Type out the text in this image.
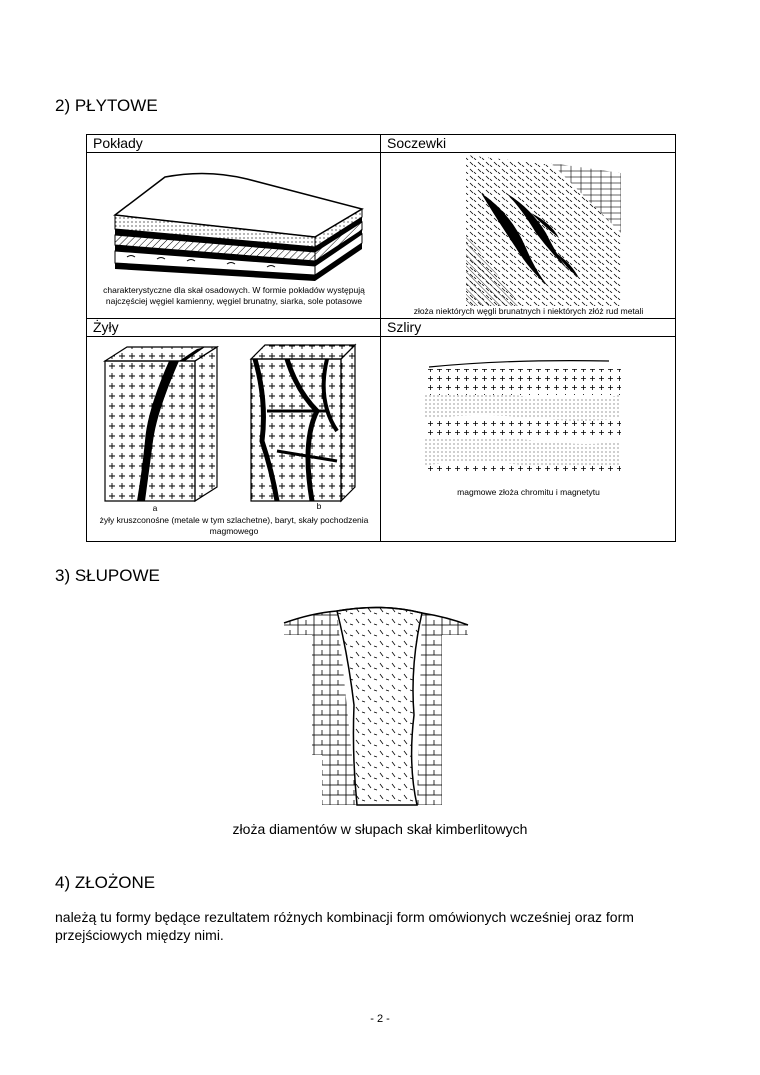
2) PŁYTOWE
Pokłady	Soczewki

charakterystyczne dla skał osadowych. W formie pokładów występują najczęściej węgiel kamienny, węgiel brunatny, siarka, sole potasowe	złoża niektórych węgli brunatnych i niektórych złóż rud metali

Żyły	Szliry

a b
żyły kruszconośne (metale w tym szlachetne), baryt, skały pochodzenia magmowego	magmowe złoża chromitu i magnetytu
3) SŁUPOWE
złoża diamentów w słupach skał kimberlitowych
4) ZŁOŻONE
należą tu formy będące rezultatem różnych kombinacji form omówionych wcześniej oraz form przejściowych między nimi.
- 2 -
